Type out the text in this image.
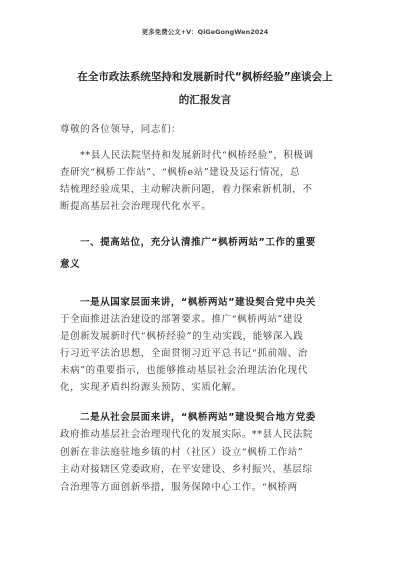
更多免费公文+V：QiGeGongWen2024
在全市政法系统坚持和发展新时代“枫桥经验”座谈会上
的汇报发言
尊敬的各位领导，同志们：
**县人民法院坚持和发展新时代“枫桥经验”，积极调
查研究“枫桥工作站”、“枫桥e站”建设及运行情况，总
结梳理经验成果，主动解决新问题，着力探索新机制，不
断提高基层社会治理现代化水平。
一、提高站位，充分认清推广“枫桥两站”工作的重要
意义
一是从国家层面来讲，“枫桥两站”建设契合党中央关
于全面推进法治建设的部署要求。推广“枫桥两站”建设
是创新发展新时代“枫桥经验”的生动实践，能够深入践
行习近平法治思想，全面贯彻习近平总书记“抓前端、治
未病”的重要指示，也能够推动基层社会治理法治化现代
化，实现矛盾纠纷源头预防、实质化解。
二是从社会层面来讲，“枫桥两站”建设契合地方党委
政府推动基层社会治理现代化的发展实际。**县人民法院
创新在非法庭驻地乡镇的村（社区）设立“枫桥工作站”
主动对接辖区党委政府，在平安建设、乡村振兴、基层综
合治理等方面创新举措，服务保障中心工作。“枫桥两
